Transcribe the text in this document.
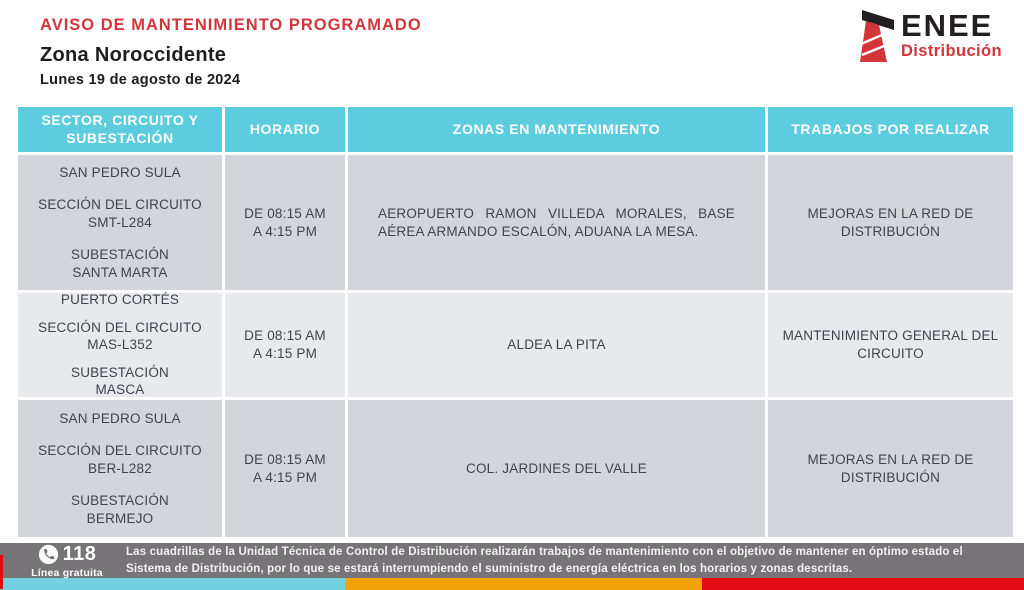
AVISO DE MANTENIMIENTO PROGRAMADO
Zona Noroccidente
Lunes 19 de agosto de 2024
ENEE
Distribución
SECTOR, CIRCUITO Y SUBESTACIÓN
HORARIO	ZONAS EN MANTENIMIENTO	TRABAJOS POR REALIZAR
SAN PEDRO SULA
SECCIÓN DEL CIRCUITO
SMT-L284
SUBESTACIÓN
SANTA MARTA
DE 08:15 AM
A 4:15 PM
AEROPUERTO RAMON VILLEDA MORALES, BASE AÉREA ARMANDO ESCALÓN, ADUANA LA MESA.
MEJORAS EN LA RED DE DISTRIBUCIÓN
PUERTO CORTÉS
SECCIÓN DEL CIRCUITO
MAS-L352
SUBESTACIÓN
MASCA
DE 08:15 AM
A 4:15 PM
ALDEA LA PITA
MANTENIMIENTO GENERAL DEL CIRCUITO
SAN PEDRO SULA
SECCIÓN DEL CIRCUITO
BER-L282
SUBESTACIÓN
BERMEJO
DE 08:15 AM
A 4:15 PM
COL. JARDINES DEL VALLE
MEJORAS EN LA RED DE DISTRIBUCIÓN
118
Línea gratuita
Las cuadrillas de la Unidad Técnica de Control de Distribución realizarán trabajos de mantenimiento con el objetivo de mantener en óptimo estado el
Sistema de Distribución, por lo que se estará interrumpiendo el suministro de energía eléctrica en los horarios y zonas descritas.
